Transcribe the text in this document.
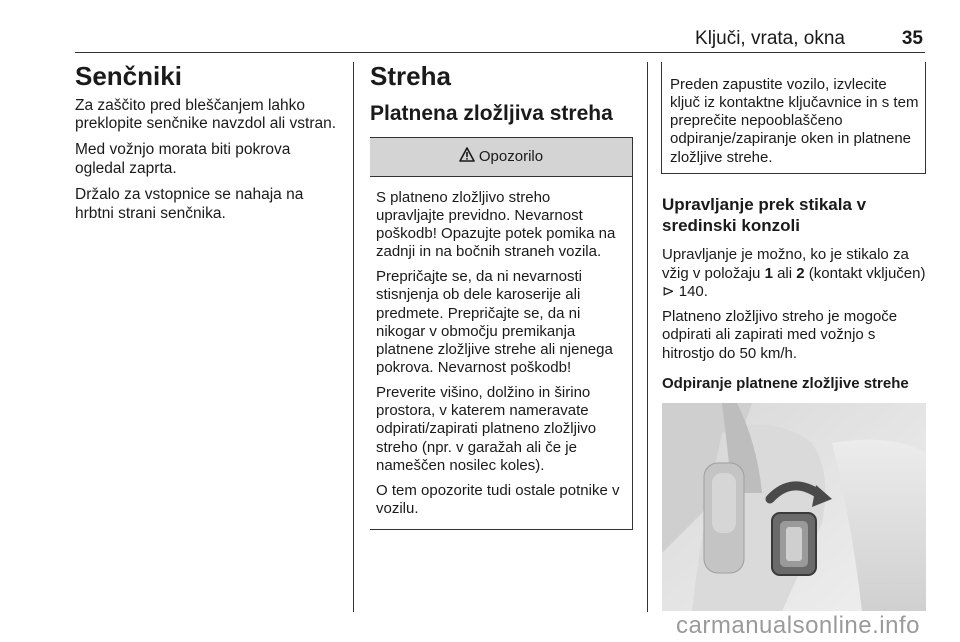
Ključi, vrata, okna	35
Senčniki

Za zaščito pred bleščanjem lahko preklopite senčnike navzdol ali vstran.

Med vožnjo morata biti pokrova ogledal zaprta.

Držalo za vstopnice se nahaja na hrbtni strani senčnika.

Streha
Platnena zložljiva streha
Opozorilo

S platneno zložljivo streho upravljajte previdno. Nevarnost poškodb! Opazujte potek pomika na zadnji in na bočnih straneh vozila.

Prepričajte se, da ni nevarnosti stisnjenja ob dele karoserije ali predmete. Prepričajte se, da ni nikogar v območju premikanja platnene zložljive strehe ali njenega pokrova. Nevarnost poškodb!

Preverite višino, dolžino in širino prostora, v katerem nameravate odpirati/zapirati platneno zložljivo streho (npr. v garažah ali če je nameščen nosilec koles).

O tem opozorite tudi ostale potnike v vozilu.

Preden zapustite vozilo, izvlecite ključ iz kontaktne ključavnice in s tem preprečite nepooblaščeno odpiranje/zapiranje oken in platnene zložljive strehe.

Upravljanje prek stikala v sredinski konzoli

Upravljanje je možno, ko je stikalo za vžig v položaju 1 ali 2 (kontakt vključen) ⊳ 140.

Platneno zložljivo streho je mogoče odpirati ali zapirati med vožnjo s hitrostjo do 50 km/h.

Odpiranje platnene zložljive strehe
carmanualsonline.info
